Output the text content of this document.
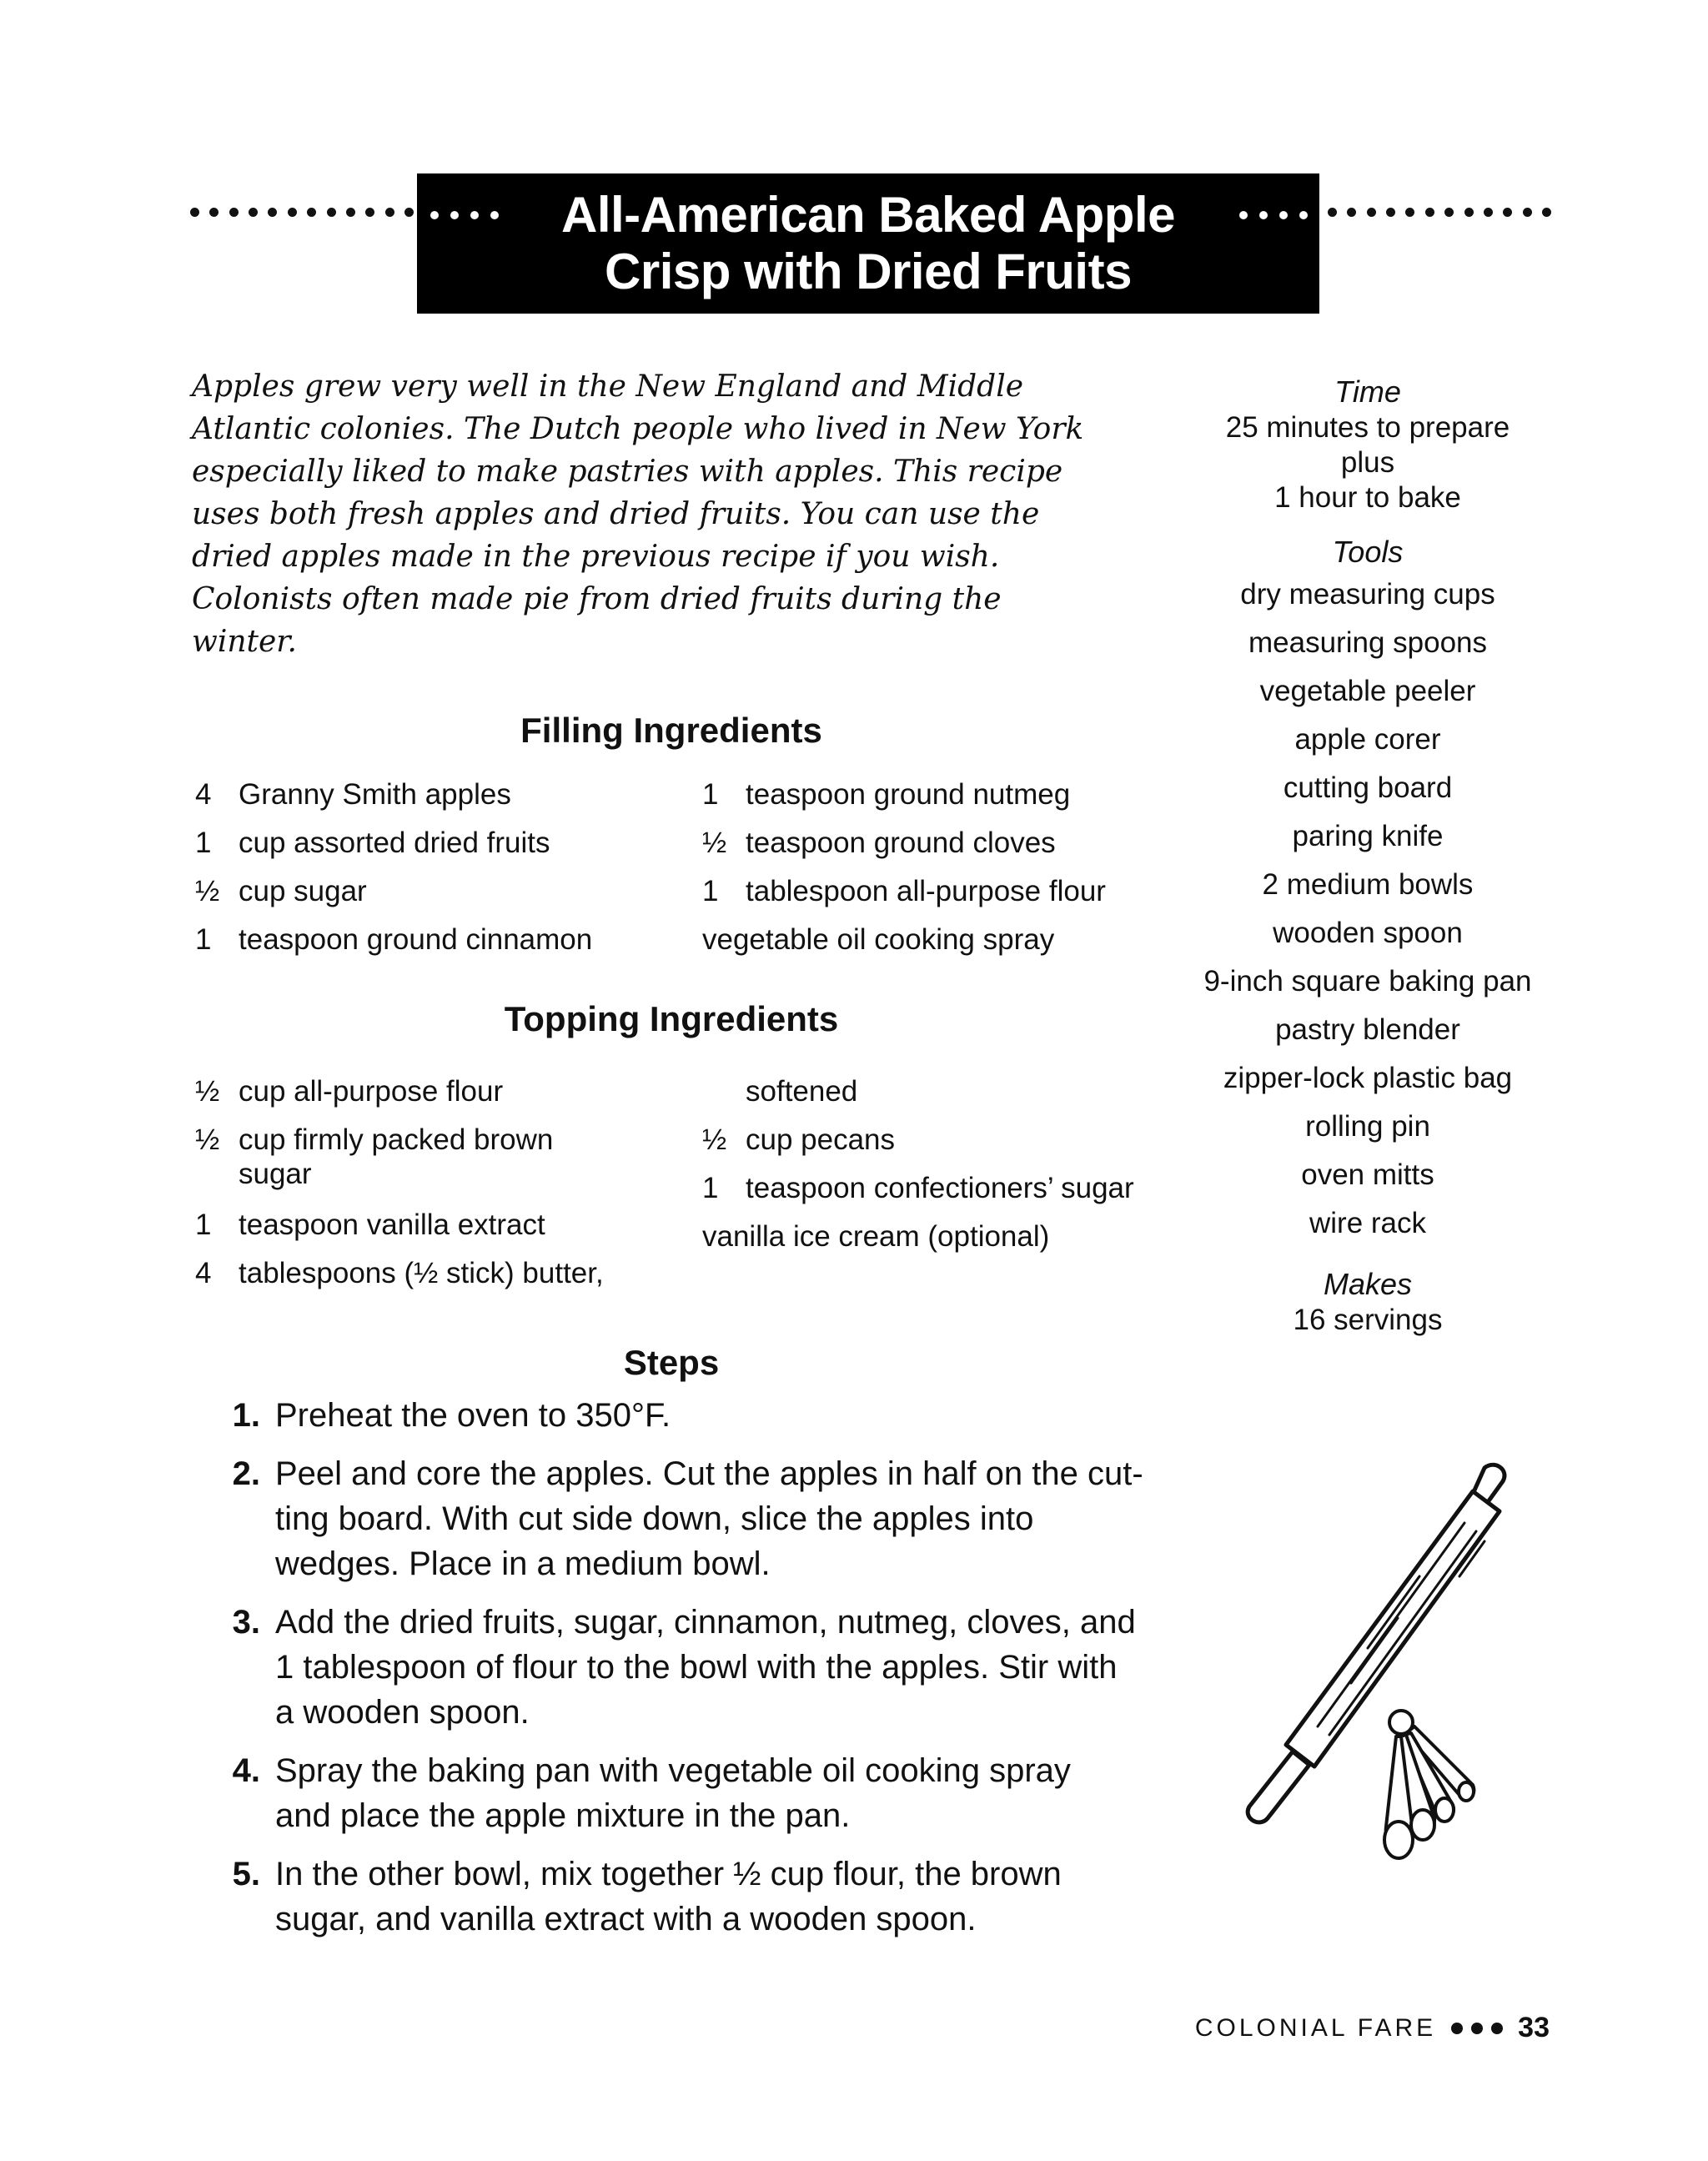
All-American Baked Apple
Crisp with Dried Fruits
Apples grew very well in the New England and Middle
Atlantic colonies. The Dutch people who lived in New York
especially liked to make pastries with apples. This recipe
uses both fresh apples and dried fruits. You can use the
dried apples made in the previous recipe if you wish.
Colonists often made pie from dried fruits during the
winter.
Filling Ingredients
4 Granny Smith apples
1 cup assorted dried fruits
½ cup sugar
1 teaspoon ground cinnamon
1 teaspoon ground nutmeg
½ teaspoon ground cloves
1 tablespoon all-purpose flour
vegetable oil cooking spray
Topping Ingredients
½ cup all-purpose flour
½ cup firmly packed brown
sugar
1 teaspoon vanilla extract
4 tablespoons (½ stick) butter,
softened
½ cup pecans
1 teaspoon confectioners’ sugar
vanilla ice cream (optional)
Steps
1. Preheat the oven to 350°F.
2. Peel and core the apples. Cut the apples in half on the cut-
ting board. With cut side down, slice the apples into
wedges. Place in a medium bowl.
3. Add the dried fruits, sugar, cinnamon, nutmeg, cloves, and
1 tablespoon of flour to the bowl with the apples. Stir with
a wooden spoon.
4. Spray the baking pan with vegetable oil cooking spray
and place the apple mixture in the pan.
5. In the other bowl, mix together ½ cup flour, the brown
sugar, and vanilla extract with a wooden spoon.
Time
25 minutes to prepare
plus
1 hour to bake
Tools
dry measuring cups
measuring spoons
vegetable peeler
apple corer
cutting board
paring knife
2 medium bowls
wooden spoon
9-inch square baking pan
pastry blender
zipper-lock plastic bag
rolling pin
oven mitts
wire rack
Makes
16 servings
COLONIAL FARE	33
